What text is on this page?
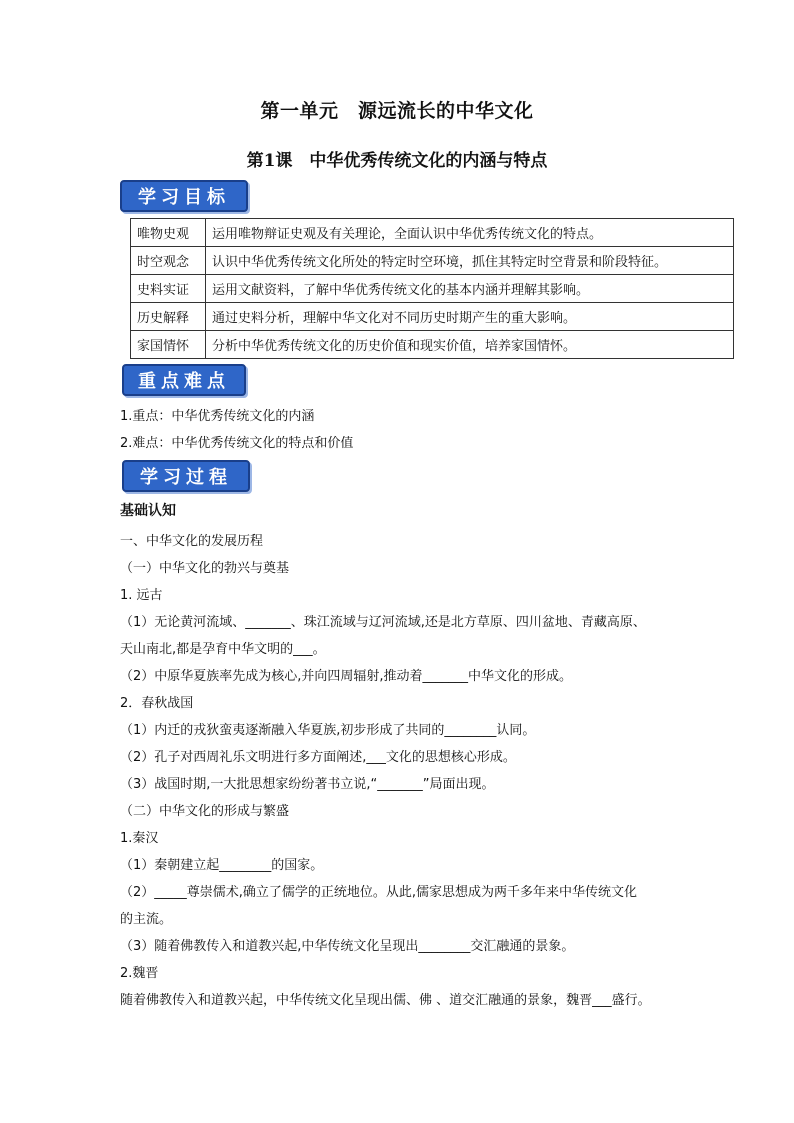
第一单元　源远流长的中华文化
第1课　中华优秀传统文化的内涵与特点
学习目标
唯物史观	运用唯物辩证史观及有关理论，全面认识中华优秀传统文化的特点。
时空观念	认识中华优秀传统文化所处的特定时空环境，抓住其特定时空背景和阶段特征。
史料实证	运用文献资料，了解中华优秀传统文化的基本内涵并理解其影响。
历史解释	通过史料分析，理解中华文化对不同历史时期产生的重大影响。
家国情怀	分析中华优秀传统文化的历史价值和现实价值，培养家国情怀。
重点难点
1.重点：中华优秀传统文化的内涵
2.难点：中华优秀传统文化的特点和价值
学习过程
基础认知
一、中华文化的发展历程
（一）中华文化的勃兴与奠基
1. 远古
（1）无论黄河流域、_______、珠江流域与辽河流域,还是北方草原、四川盆地、青藏高原、
天山南北,都是孕育中华文明的___。
（2）中原华夏族率先成为核心,并向四周辐射,推动着_______中华文化的形成。
2．春秋战国
（1）内迁的戎狄蛮夷逐渐融入华夏族,初步形成了共同的________认同。
（2）孔子对西周礼乐文明进行多方面阐述,___文化的思想核心形成。
（3）战国时期,一大批思想家纷纷著书立说,“_______”局面出现。
（二）中华文化的形成与繁盛
1.秦汉
（1）秦朝建立起________的国家。
（2）_____尊崇儒术,确立了儒学的正统地位。从此,儒家思想成为两千多年来中华传统文化
的主流。
（3）随着佛教传入和道教兴起,中华传统文化呈现出________交汇融通的景象。
2.魏晋
随着佛教传入和道教兴起，中华传统文化呈现出儒、佛 、道交汇融通的景象，魏晋___盛行。
